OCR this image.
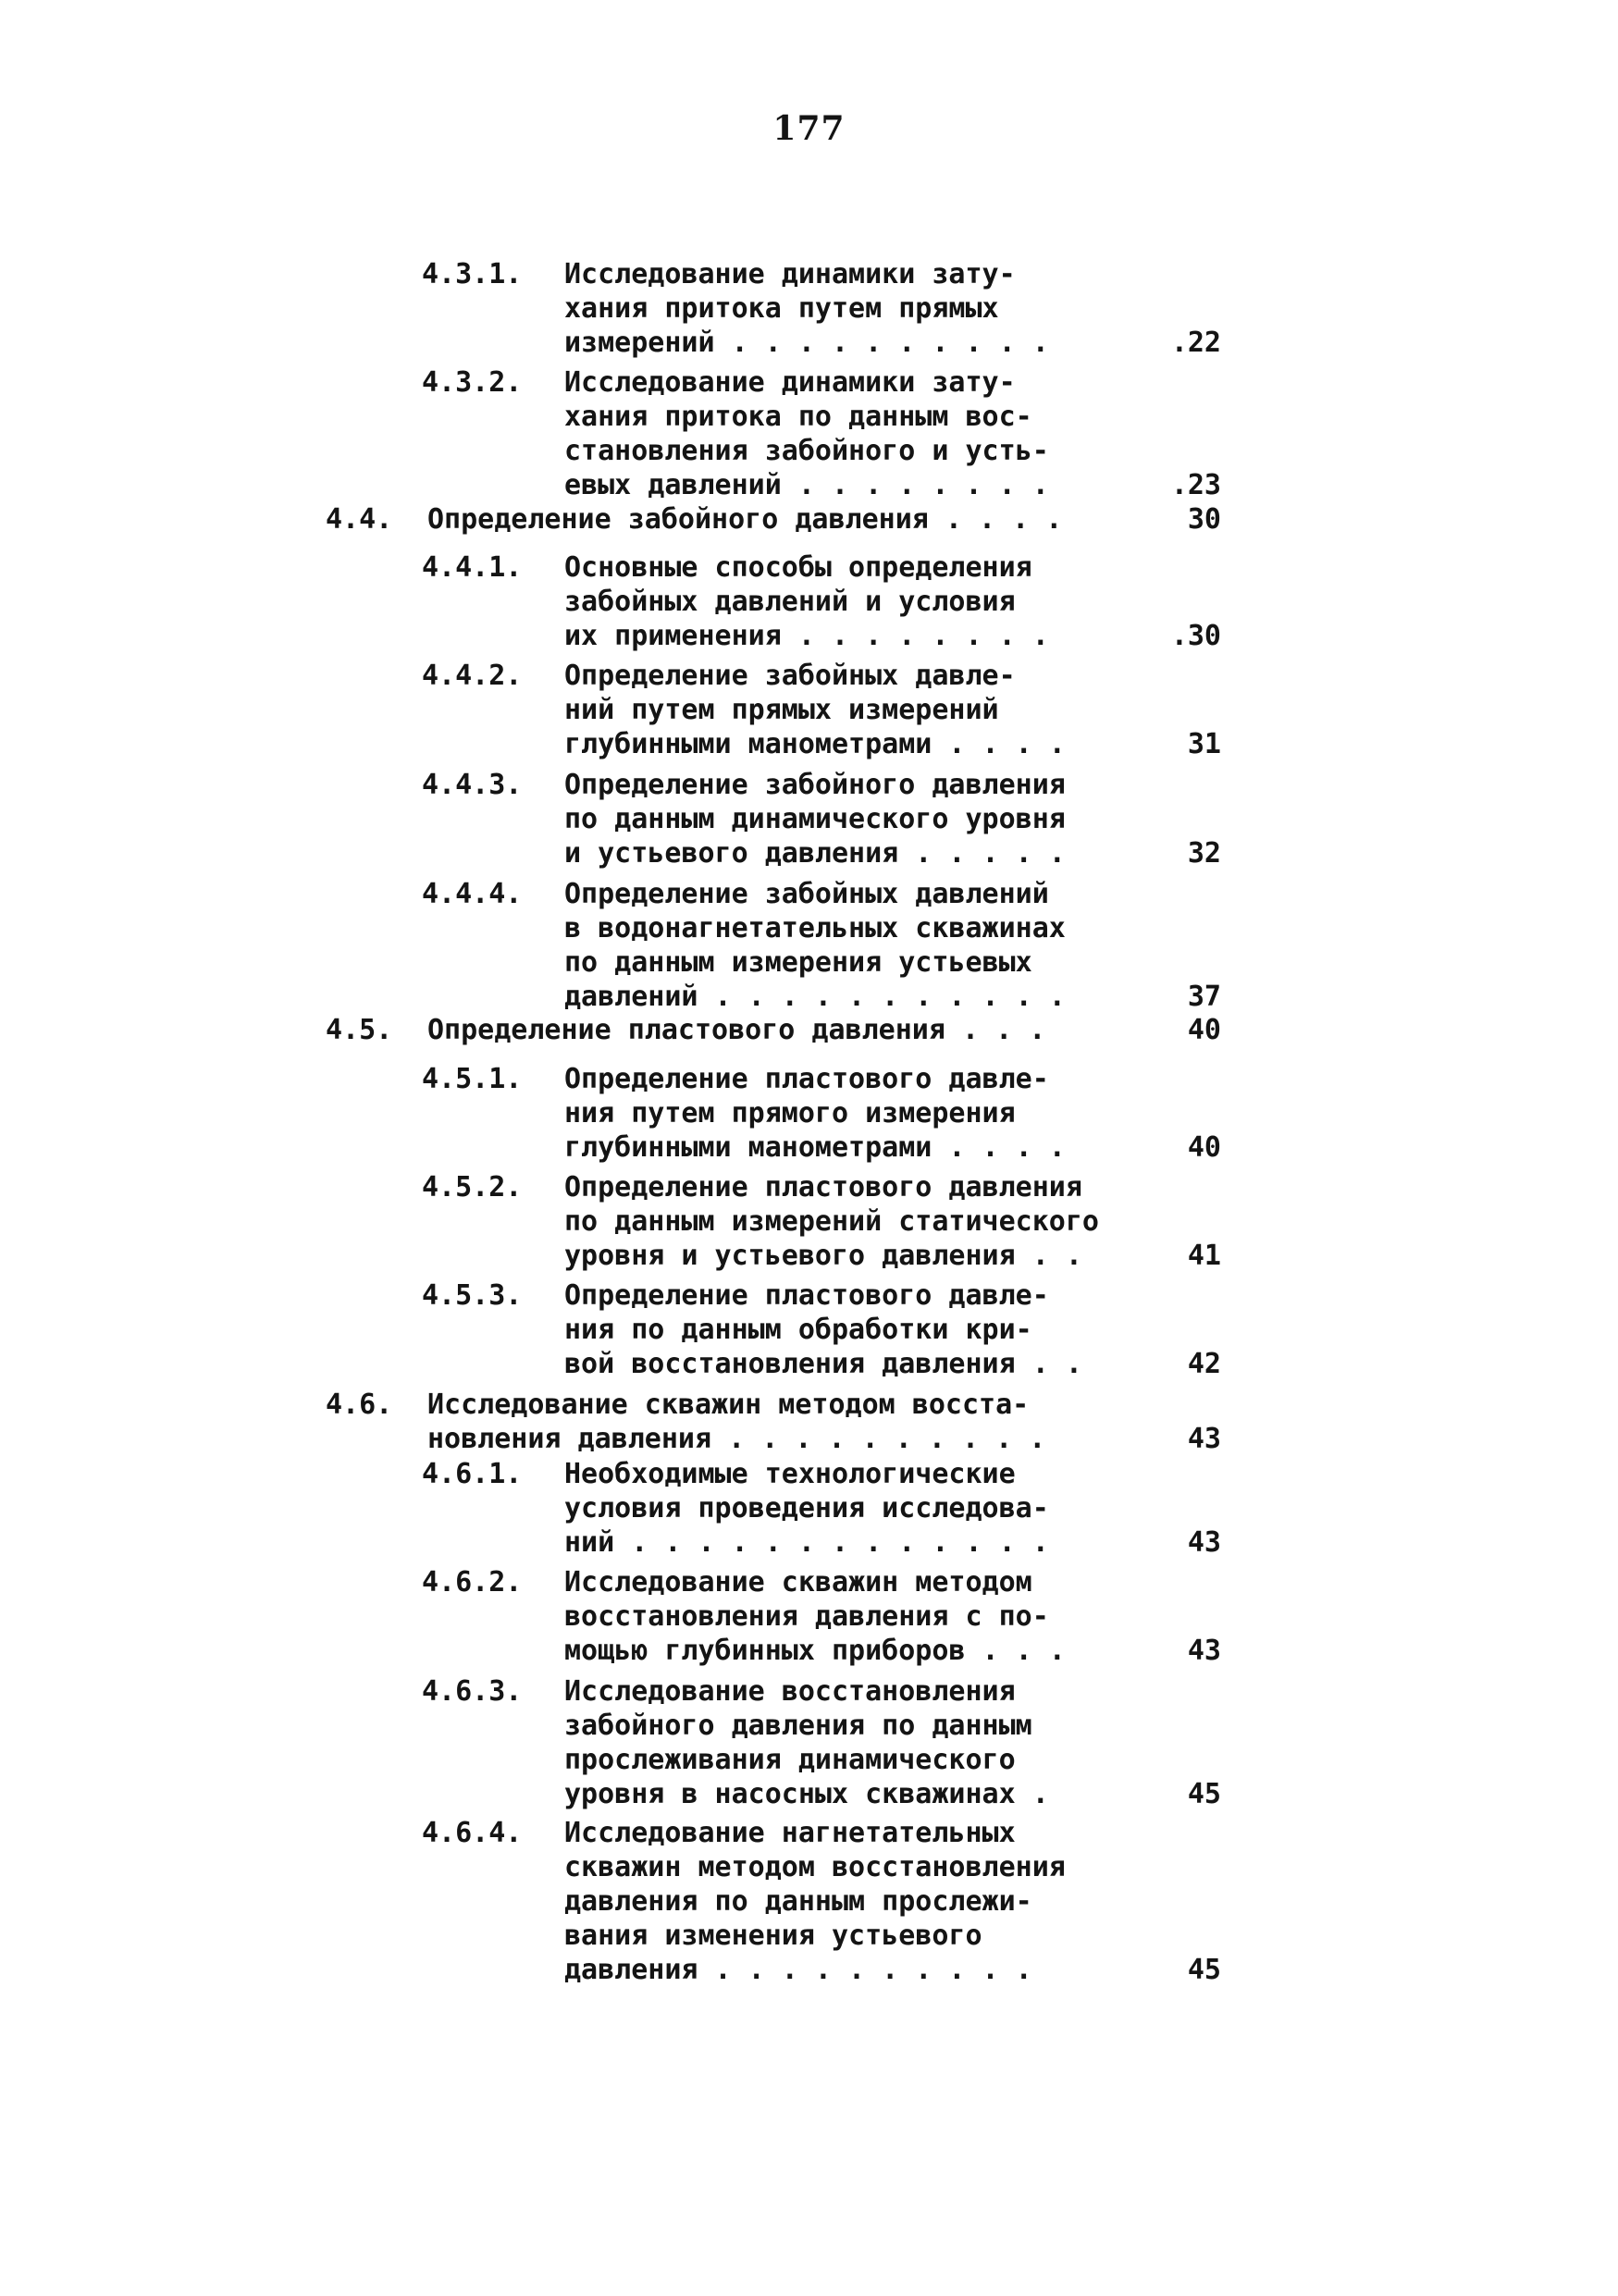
177
4.3.1. Исследование динамики зату-
хания притока путем прямых
измерений . . . . . . . . . .	.22
4.3.2. Исследование динамики зату-
хания притока по данным вос-
становления забойного и усть-
евых давлений . . . . . . . .	.23
4.4. Определение забойного давления . . . .	30
4.4.1. Основные способы определения
забойных давлений и условия
их применения . . . . . . . .	.30
4.4.2. Определение забойных давле-
ний путем прямых измерений
глубинными манометрами . . . .	31
4.4.3. Определение забойного давления
по данным динамического уровня
и устьевого давления . . . . .	32
4.4.4. Определение забойных давлений
в водонагнетательных скважинах
по данным измерения устьевых
давлений . . . . . . . . . . .	37
4.5. Определение пластового давления . . .	40
4.5.1. Определение пластового давле-
ния путем прямого измерения
глубинными манометрами . . . .	40
4.5.2. Определение пластового давления
по данным измерений статического
уровня и устьевого давления . .	41
4.5.3. Определение пластового давле-
ния по данным обработки кри-
вой восстановления давления . .	42
4.6. Исследование скважин методом восста-
новления давления . . . . . . . . . .	43
4.6.1. Необходимые технологические
условия проведения исследова-
ний . . . . . . . . . . . . .	43
4.6.2. Исследование скважин методом
восстановления давления с по-
мощью глубинных приборов . . .	43
4.6.3. Исследование восстановления
забойного давления по данным
прослеживания динамического
уровня в насосных скважинах .	45
4.6.4. Исследование нагнетательных
скважин методом восстановления
давления по данным прослежи-
вания изменения устьевого
давления . . . . . . . . . .	45
